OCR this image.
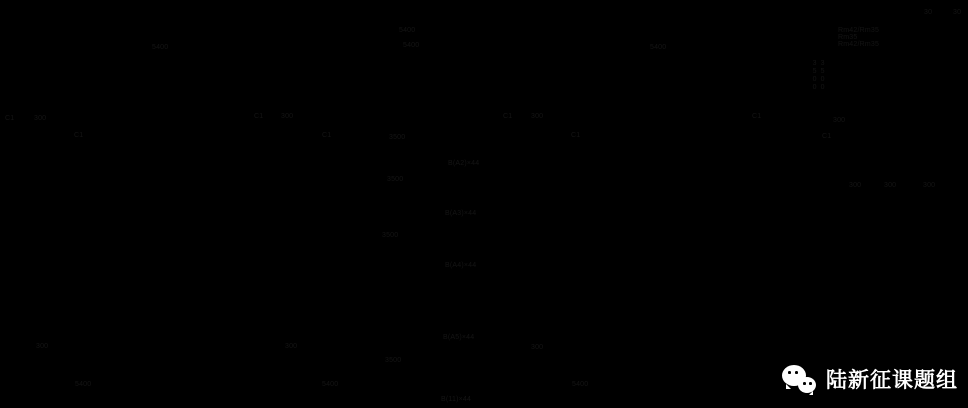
5400
5400
5400	5400
Rm42/Rm35
Rm35
Rm42/Rm35
300	300	300
300
C1	C1	C1	C1
C1	C1	C1	C1
3500
3500
3500
3500
B(A2)×44
B(A3)×44
B(A4)×44
B(A5)×44
B(11)×44
300	300	300
300	300	300
5400	5400	5400
30
30
3500 3500
陆新征课题组
